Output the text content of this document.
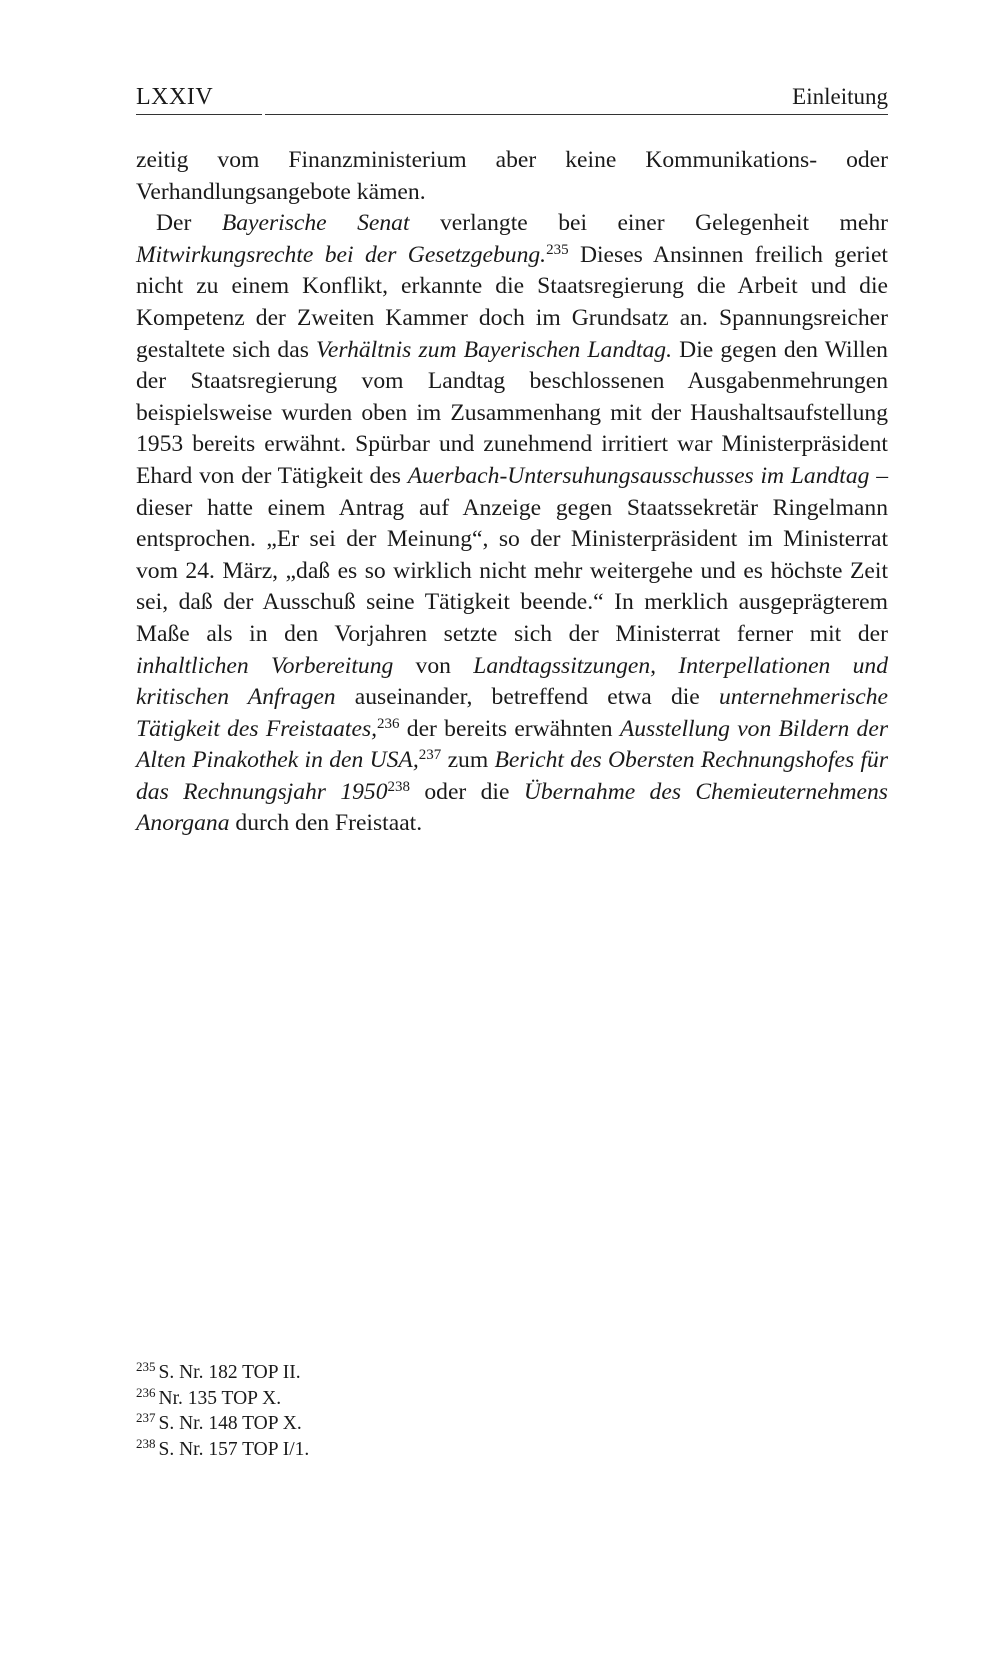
LXXIV	Einleitung

zeitig vom Finanzministerium aber keine Kommunikations- oder Verhandlungsangebote kämen.

Der Bayerische Senat verlangte bei einer Gelegenheit mehr Mitwirkungsrechte bei der Gesetzgebung.$^{235}$ Dieses Ansinnen freilich geriet nicht zu einem Konflikt, erkannte die Staatsregierung die Arbeit und die Kompetenz der Zweiten Kammer doch im Grundsatz an. Spannungsreicher gestaltete sich das Verhältnis zum Bayerischen Landtag. Die gegen den Willen der Staatsregierung vom Landtag beschlossenen Ausgabenmehrungen beispielsweise wurden oben im Zusammenhang mit der Haushaltsaufstellung 1953 bereits erwähnt. Spürbar und zunehmend irritiert war Ministerpräsident Ehard von der Tätigkeit des Auerbach-Untersuhungsausschusses im Landtag – dieser hatte einem Antrag auf Anzeige gegen Staatssekretär Ringelmann entsprochen. „Er sei der Meinung“, so der Ministerpräsident im Ministerrat vom 24. März, „daß es so wirklich nicht mehr weitergehe und es höchste Zeit sei, daß der Ausschuß seine Tätigkeit beende.“ In merklich ausgeprägterem Maße als in den Vorjahren setzte sich der Ministerrat ferner mit der inhaltlichen Vorbereitung von Landtagssitzungen, Interpellationen und kritischen Anfragen auseinander, betreffend etwa die unternehmerische Tätigkeit des Freistaates,$^{236}$ der bereits erwähnten Ausstellung von Bildern der Alten Pinakothek in den USA,$^{237}$ zum Bericht des Obersten Rechnungshofes für das Rechnungsjahr 1950$^{238}$ oder die Übernahme des Chemieuternehmens Anorgana durch den Freistaat.

$^{235}$ S. Nr. 182 TOP II.
$^{236}$ Nr. 135 TOP X.
$^{237}$ S. Nr. 148 TOP X.
$^{238}$ S. Nr. 157 TOP I/1.
